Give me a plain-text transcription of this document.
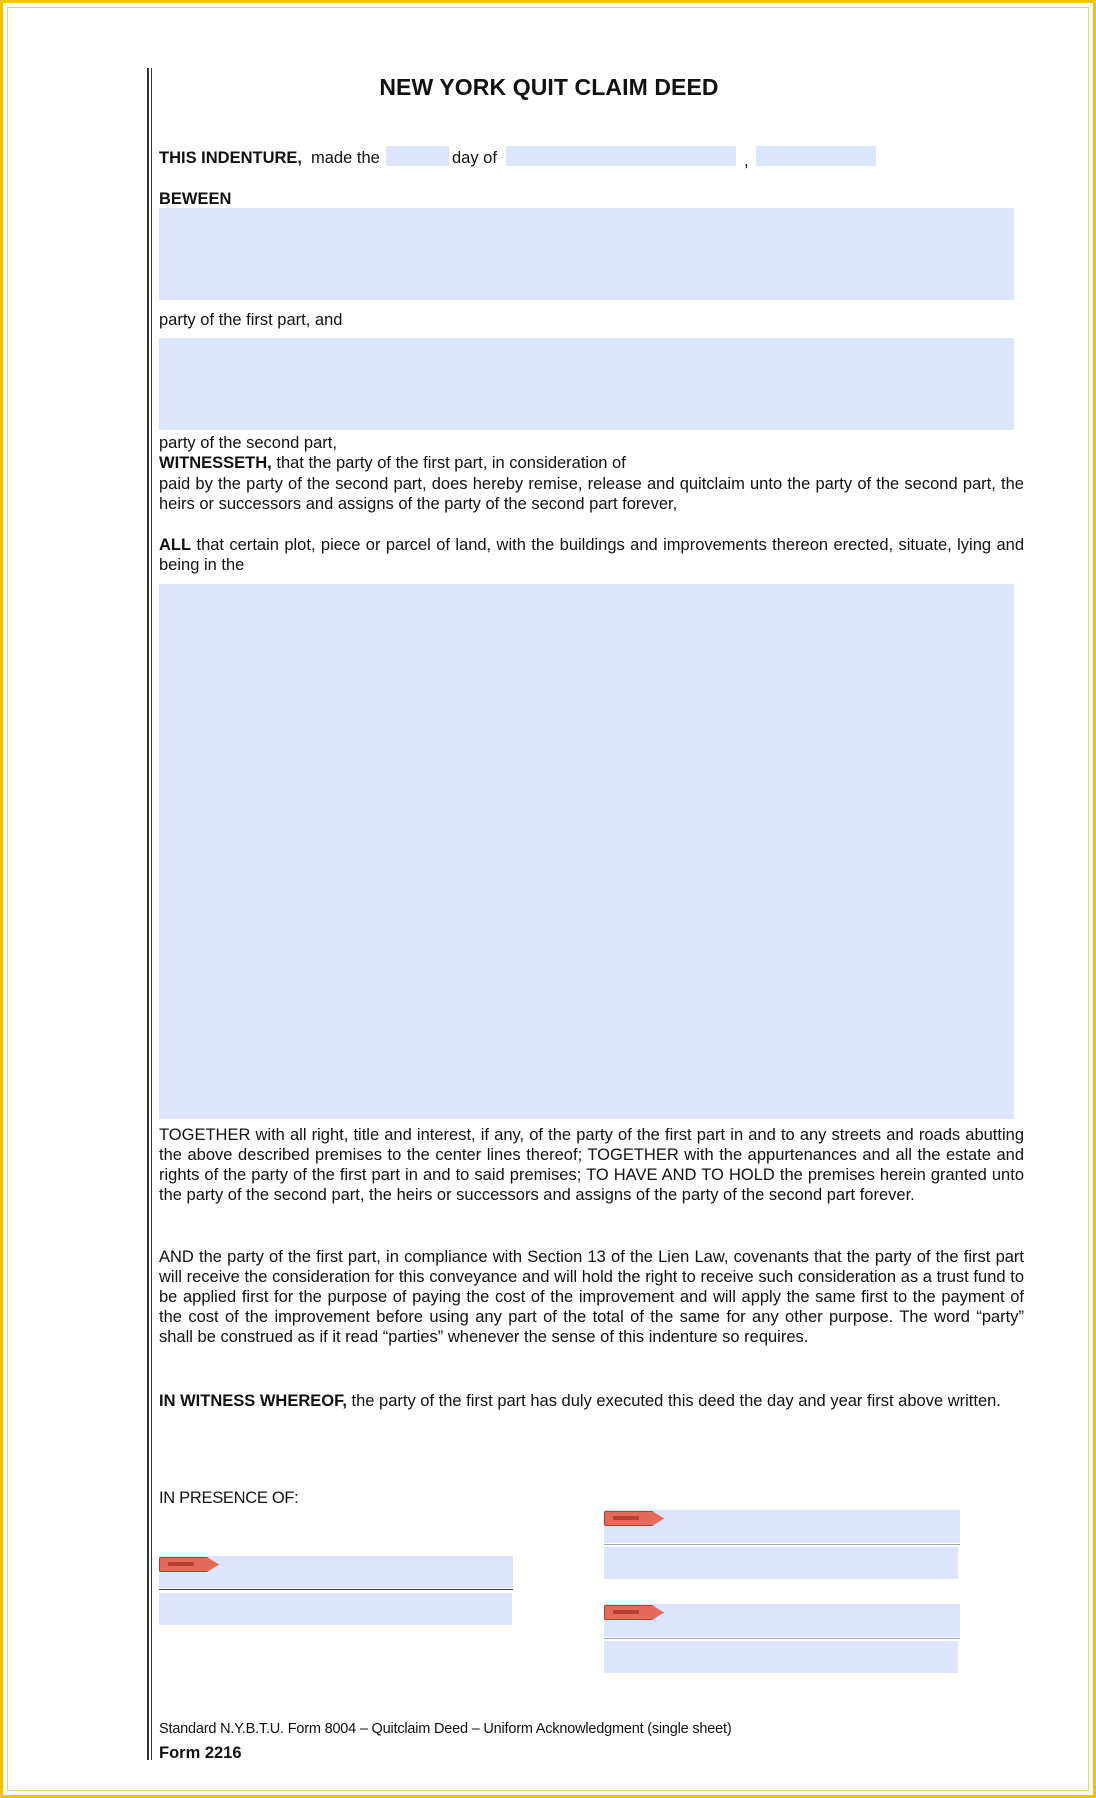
NEW YORK QUIT CLAIM DEED
THIS INDENTURE, made the	day of	,
BEWEEN
party of the first part, and
party of the second part,
WITNESSETH, that the party of the first part, in consideration of
paid by the party of the second part, does hereby remise, release and quitclaim unto the party of the second part, the heirs or successors and assigns of the party of the second part forever,
ALL that certain plot, piece or parcel of land, with the buildings and improvements thereon erected, situate, lying and being in the
TOGETHER with all right, title and interest, if any, of the party of the first part in and to any streets and roads abutting the above described premises to the center lines thereof; TOGETHER with the appurtenances and all the estate and rights of the party of the first part in and to said premises; TO HAVE AND TO HOLD the premises herein granted unto the party of the second part, the heirs or successors and assigns of the party of the second part forever.
AND the party of the first part, in compliance with Section 13 of the Lien Law, covenants that the party of the first part will receive the consideration for this conveyance and will hold the right to receive such consideration as a trust fund to be applied first for the purpose of paying the cost of the improvement and will apply the same first to the payment of the cost of the improvement before using any part of the total of the same for any other purpose. The word “party” shall be construed as if it read “parties” whenever the sense of this indenture so requires.
IN WITNESS WHEREOF, the party of the first part has duly executed this deed the day and year first above written.
IN PRESENCE OF:
Standard N.Y.B.T.U. Form 8004 – Quitclaim Deed – Uniform Acknowledgment (single sheet)
Form 2216
